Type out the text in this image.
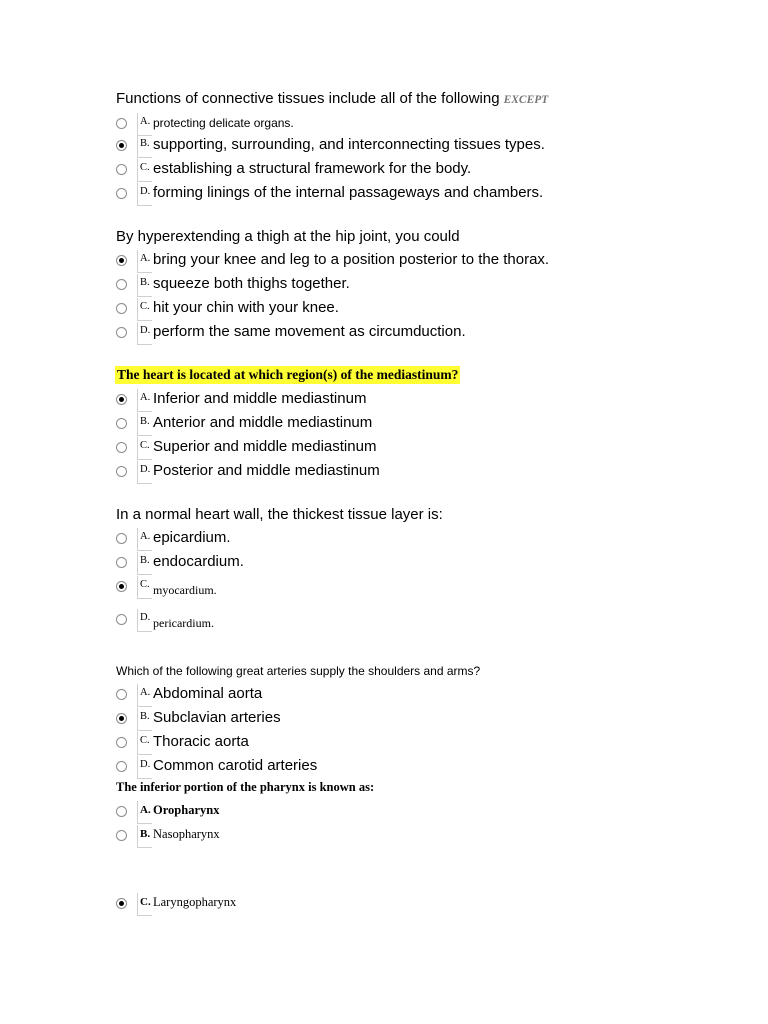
Functions of connective tissues include all of the following EXCEPT
A. protecting delicate organs.
B. supporting, surrounding, and interconnecting tissues types.
C. establishing a structural framework for the body.
D. forming linings of the internal passageways and chambers.
By hyperextending a thigh at the hip joint, you could
A. bring your knee and leg to a position posterior to the thorax.
B. squeeze both thighs together.
C. hit your chin with your knee.
D. perform the same movement as circumduction.
The heart is located at which region(s) of the mediastinum?
A. Inferior and middle mediastinum
B. Anterior and middle mediastinum
C. Superior and middle mediastinum
D. Posterior and middle mediastinum
In a normal heart wall, the thickest tissue layer is:
A. epicardium.
B. endocardium.
C. myocardium.
D. pericardium.
Which of the following great arteries supply the shoulders and arms?
A. Abdominal aorta
B. Subclavian arteries
C. Thoracic aorta
D. Common carotid arteries
The inferior portion of the pharynx is known as:
A. Oropharynx
B. Nasopharynx
C. Laryngopharynx
